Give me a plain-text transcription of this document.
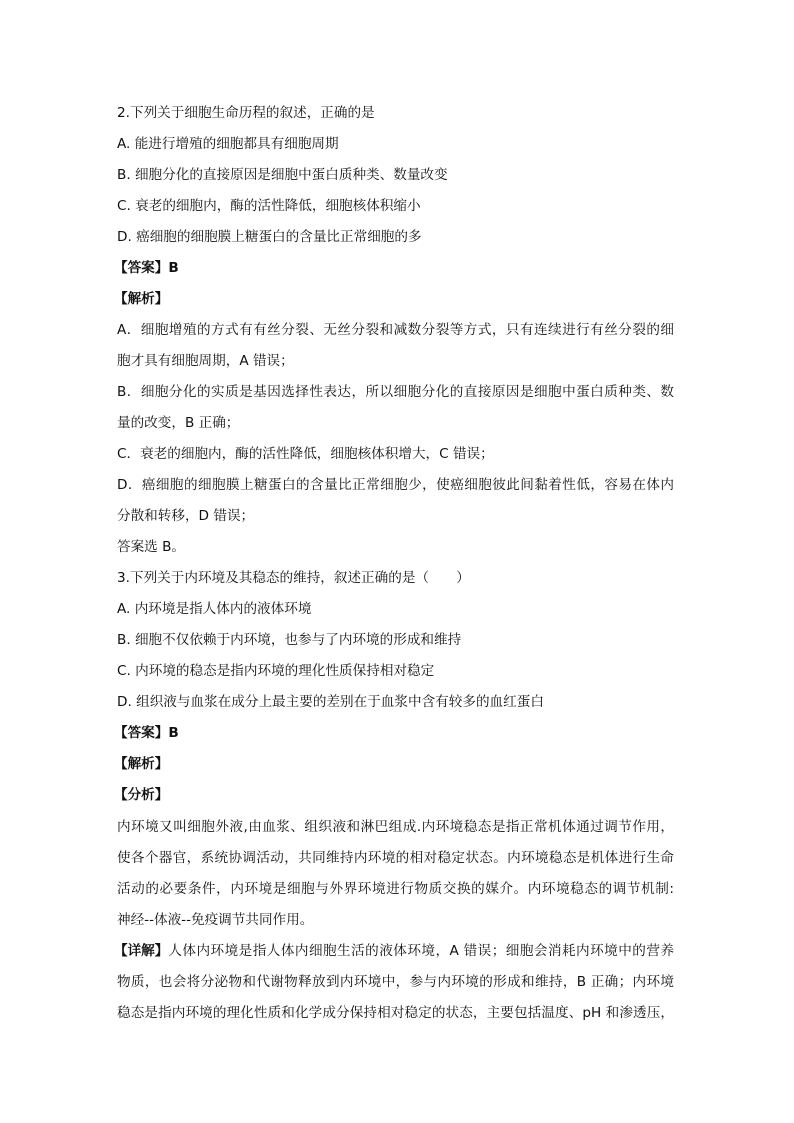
2.下列关于细胞生命历程的叙述，正确的是
A. 能进行增殖的细胞都具有细胞周期
B. 细胞分化的直接原因是细胞中蛋白质种类、数量改变
C. 衰老的细胞内，酶的活性降低，细胞核体积缩小
D. 癌细胞的细胞膜上糖蛋白的含量比正常细胞的多
【答案】B
【解析】
A．细胞增殖的方式有有丝分裂、无丝分裂和减数分裂等方式，只有连续进行有丝分裂的细
胞才具有细胞周期，A 错误；
B．细胞分化的实质是基因选择性表达，所以细胞分化的直接原因是细胞中蛋白质种类、数
量的改变，B 正确；
C．衰老的细胞内，酶的活性降低，细胞核体积增大，C 错误；
D．癌细胞的细胞膜上糖蛋白的含量比正常细胞少，使癌细胞彼此间黏着性低，容易在体内
分散和转移，D 错误；
答案选 B。
3.下列关于内环境及其稳态的维持，叙述正确的是（　　）
A. 内环境是指人体内的液体环境
B. 细胞不仅依赖于内环境，也参与了内环境的形成和维持
C. 内环境的稳态是指内环境的理化性质保持相对稳定
D. 组织液与血浆在成分上最主要的差别在于血浆中含有较多的血红蛋白
【答案】B
【解析】
【分析】
内环境又叫细胞外液,由血浆、组织液和淋巴组成.内环境稳态是指正常机体通过调节作用，
使各个器官，系统协调活动，共同维持内环境的相对稳定状态。内环境稳态是机体进行生命
活动的必要条件，内环境是细胞与外界环境进行物质交换的媒介。内环境稳态的调节机制:
神经--体液--免疫调节共同作用。
【详解】 人体内环境是指人体内细胞生活的液体环境，A 错误；细胞会消耗内环境中的营养
物质，也会将分泌物和代谢物释放到内环境中，参与内环境的形成和维持，B 正确；内环境
稳态是指内环境的理化性质和化学成分保持相对稳定的状态，主要包括温度、pH 和渗透压，
